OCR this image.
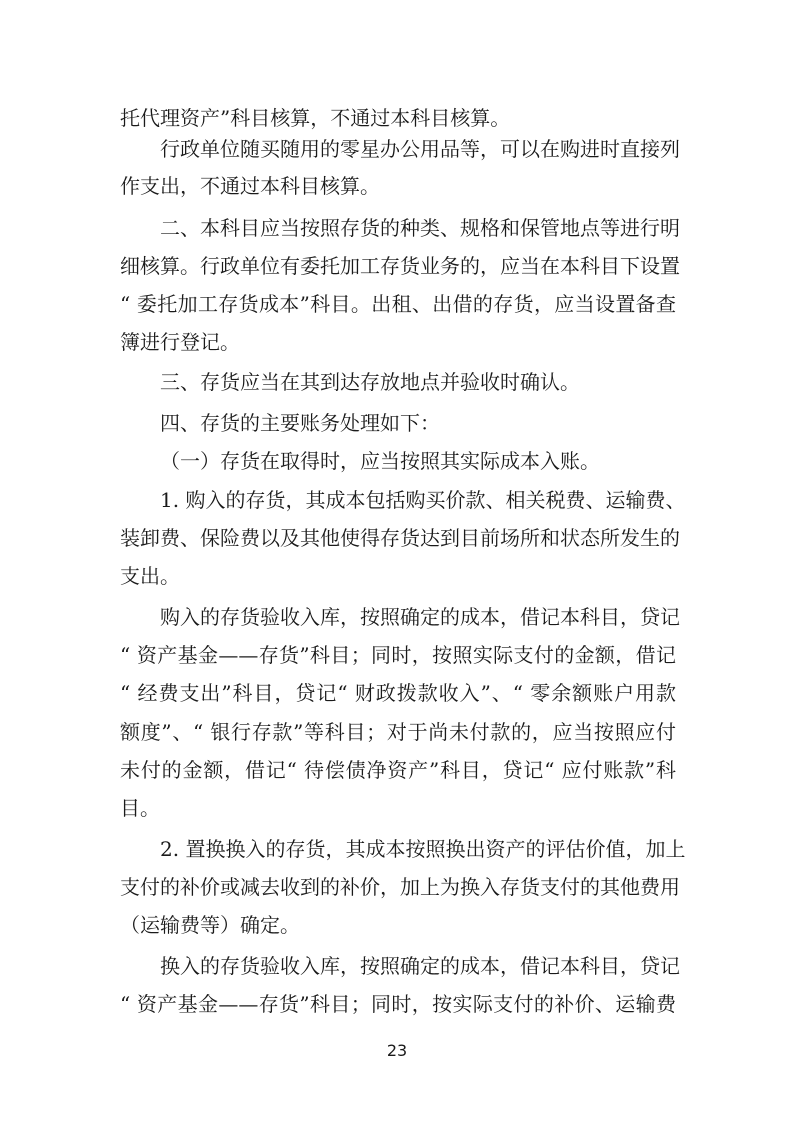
托代理资产”科目核算，不通过本科目核算。
行政单位随买随用的零星办公用品等，可以在购进时直接列
作支出，不通过本科目核算。
二、本科目应当按照存货的种类、规格和保管地点等进行明
细核算。行政单位有委托加工存货业务的，应当在本科目下设置
“ 委托加工存货成本”科目。出租、出借的存货，应当设置备查
簿进行登记。
三、存货应当在其到达存放地点并验收时确认。
四、存货的主要账务处理如下：
（一）存货在取得时，应当按照其实际成本入账。
1. 购入的存货，其成本包括购买价款、相关税费、运输费、
装卸费、保险费以及其他使得存货达到目前场所和状态所发生的
支出。
购入的存货验收入库，按照确定的成本，借记本科目，贷记
“ 资产基金——存货”科目；同时，按照实际支付的金额，借记
“ 经费支出”科目，贷记“ 财政拨款收入”、“ 零余额账户用款
额度”、“ 银行存款”等科目；对于尚未付款的，应当按照应付
未付的金额，借记“ 待偿债净资产”科目，贷记“ 应付账款”科
目。
2. 置换换入的存货，其成本按照换出资产的评估价值，加上
支付的补价或减去收到的补价，加上为换入存货支付的其他费用
（运输费等）确定。
换入的存货验收入库，按照确定的成本，借记本科目，贷记
“ 资产基金——存货”科目；同时，按实际支付的补价、运输费
23
